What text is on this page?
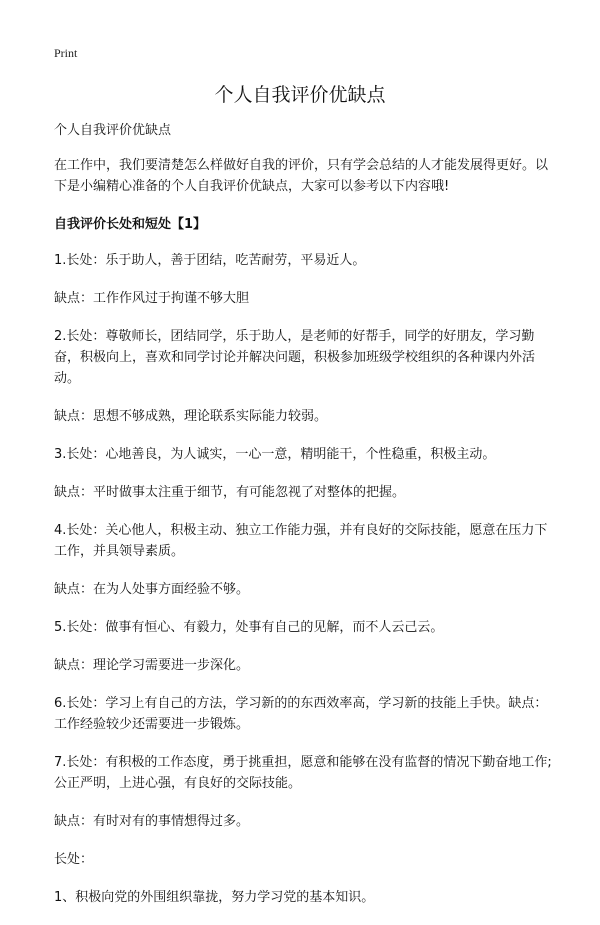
Print
个人自我评价优缺点

个人自我评价优缺点

在工作中，我们要清楚怎么样做好自我的评价，只有学会总结的人才能发展得更好。以下是小编精心准备的个人自我评价优缺点，大家可以参考以下内容哦!

自我评价长处和短处【1】

1.长处：乐于助人，善于团结，吃苦耐劳，平易近人。

缺点：工作作风过于拘谨不够大胆

2.长处：尊敬师长，团结同学，乐于助人，是老师的好帮手，同学的好朋友，学习勤奋，积极向上，喜欢和同学讨论并解决问题，积极参加班级学校组织的各种课内外活动。

缺点：思想不够成熟，理论联系实际能力较弱。

3.长处：心地善良，为人诚实，一心一意，精明能干，个性稳重，积极主动。

缺点：平时做事太注重于细节，有可能忽视了对整体的把握。

4.长处：关心他人，积极主动、独立工作能力强，并有良好的交际技能，愿意在压力下工作，并具领导素质。

缺点：在为人处事方面经验不够。

5.长处：做事有恒心、有毅力，处事有自己的见解，而不人云己云。

缺点：理论学习需要进一步深化。

6.长处：学习上有自己的方法，学习新的的东西效率高，学习新的技能上手快。缺点：工作经验较少还需要进一步锻炼。

7.长处：有积极的工作态度，勇于挑重担，愿意和能够在没有监督的情况下勤奋地工作;公正严明，上进心强，有良好的交际技能。

缺点：有时对有的事情想得过多。

长处：

1、积极向党的外围组织靠拢，努力学习党的基本知识。
